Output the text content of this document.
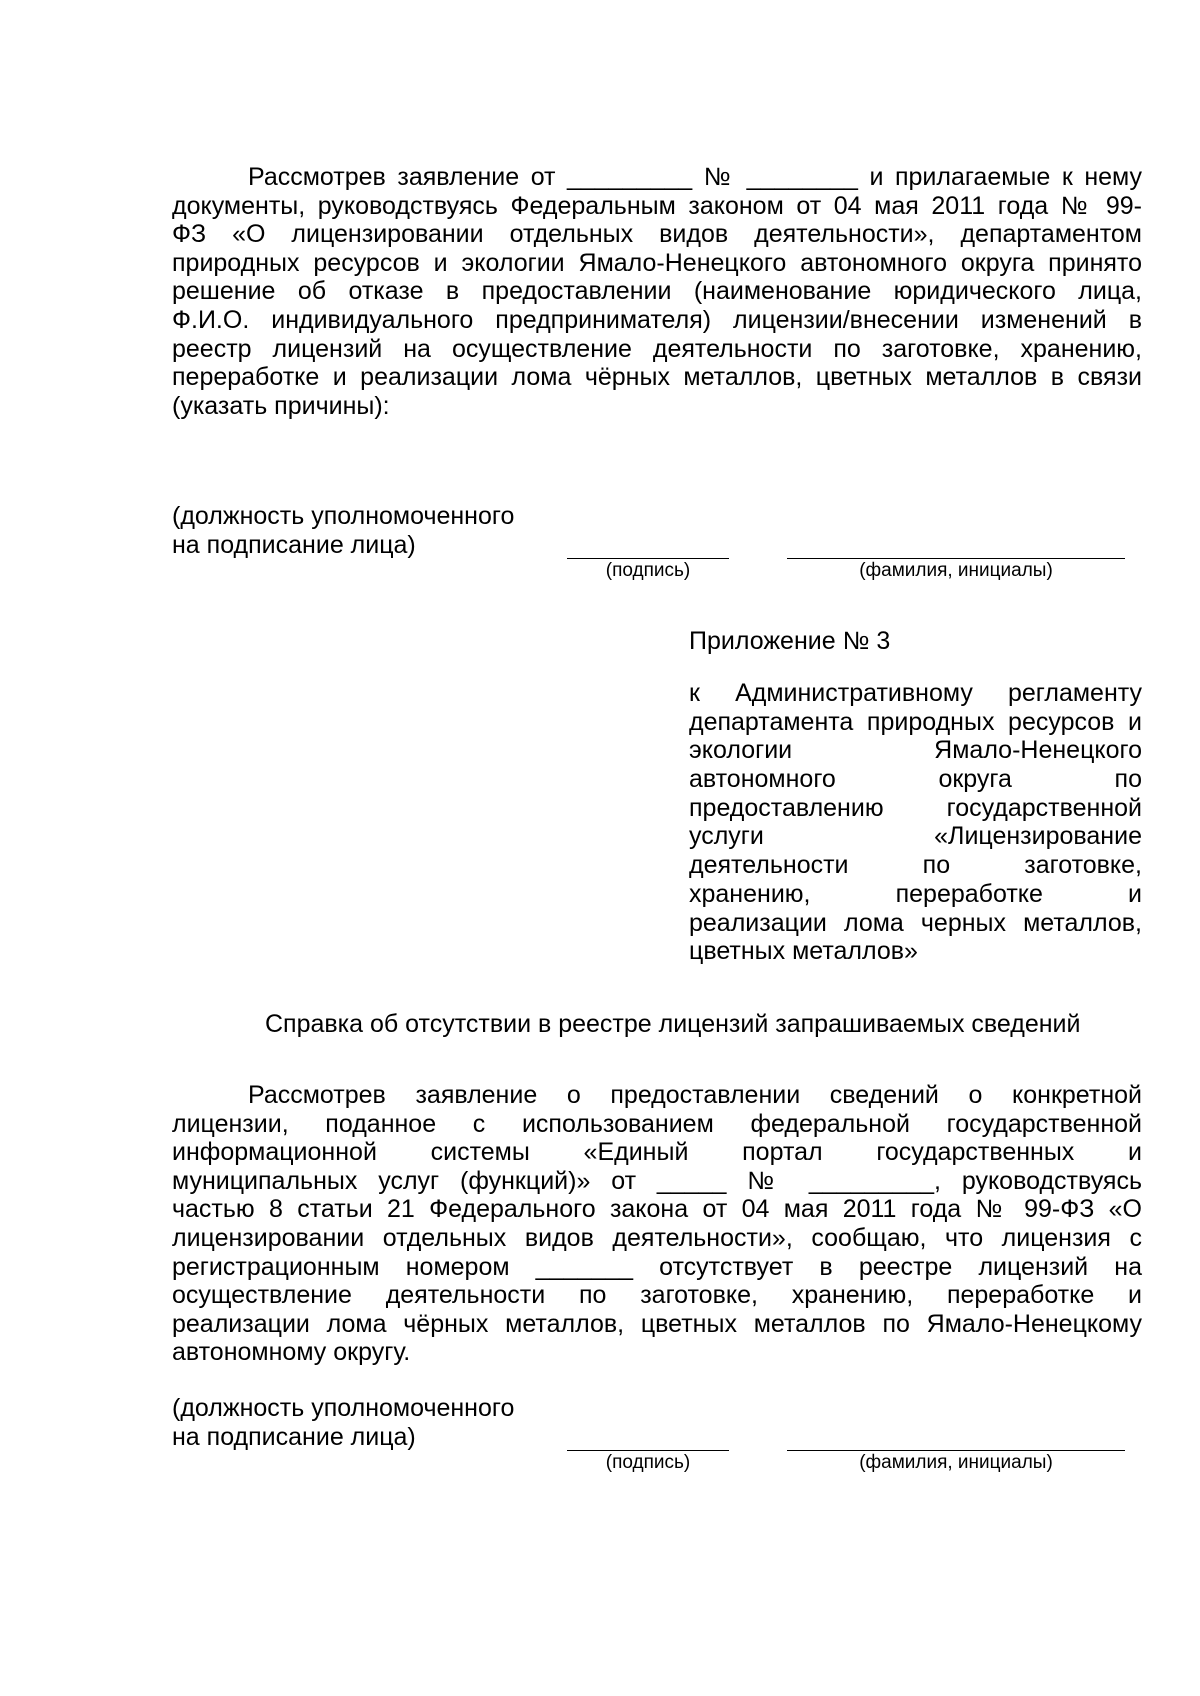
Рассмотрев заявление от _________ № ________ и прилагаемые к нему
документы, руководствуясь Федеральным законом от 04 мая 2011 года № 99-
ФЗ «О лицензировании отдельных видов деятельности», департаментом
природных ресурсов и экологии Ямало-Ненецкого автономного округа принято
решение об отказе в предоставлении (наименование юридического лица,
Ф.И.О. индивидуального предпринимателя) лицензии/внесении изменений в
реестр лицензий на осуществление деятельности по заготовке, хранению,
переработке и реализации лома чёрных металлов, цветных металлов в связи
(указать причины):
(должность уполномоченного
на подписание лица)
(подпись)	(фамилия, инициалы)
Приложение № 3
к Административному регламенту
департамента природных ресурсов и
экологии Ямало-Ненецкого
автономного округа по
предоставлению государственной
услуги «Лицензирование
деятельности по заготовке,
хранению, переработке и
реализации лома черных металлов,
цветных металлов»
Справка об отсутствии в реестре лицензий запрашиваемых сведений
Рассмотрев заявление о предоставлении сведений о конкретной
лицензии, поданное с использованием федеральной государственной
информационной системы «Единый портал государственных и
муниципальных услуг (функций)» от _____ № _________, руководствуясь
частью 8 статьи 21 Федерального закона от 04 мая 2011 года № 99-ФЗ «О
лицензировании отдельных видов деятельности», сообщаю, что лицензия с
регистрационным номером _______ отсутствует в реестре лицензий на
осуществление деятельности по заготовке, хранению, переработке и
реализации лома чёрных металлов, цветных металлов по Ямало-Ненецкому
автономному округу.
(должность уполномоченного
на подписание лица)
(подпись)	(фамилия, инициалы)
